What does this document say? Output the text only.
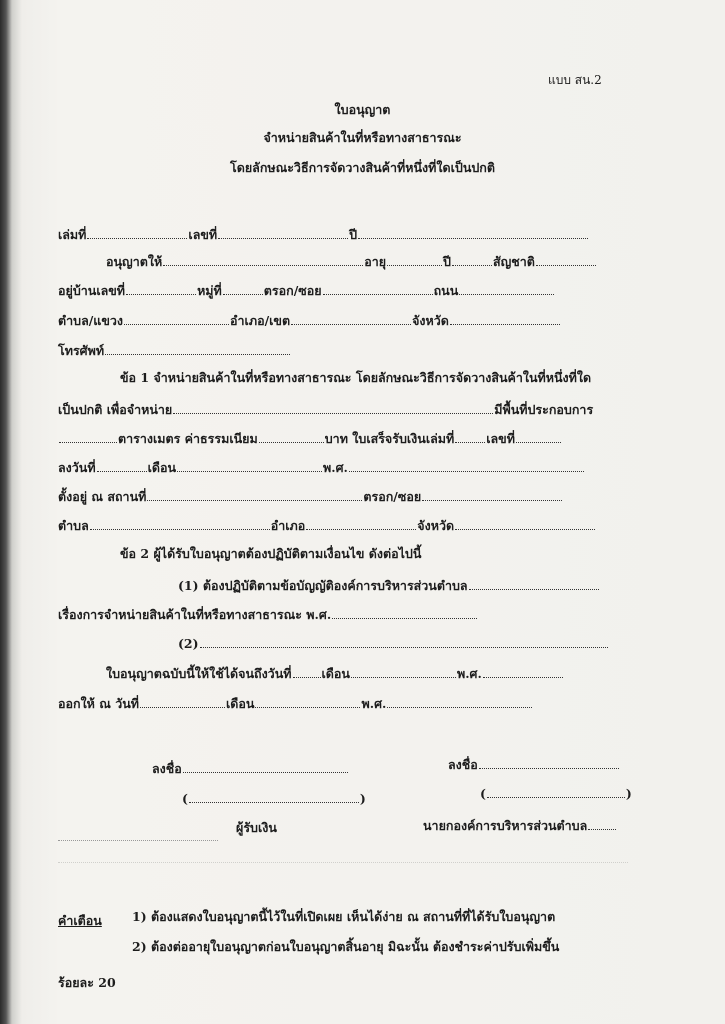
แบบ สน.2
ใบอนุญาต
จำหน่ายสินค้าในที่หรือทางสาธารณะ
โดยลักษณะวิธีการจัดวางสินค้าที่หนึ่งที่ใดเป็นปกติ
เล่มที่	เลขที่	ปี
อนุญาตให้	อายุ	ปี	สัญชาติ
อยู่บ้านเลขที่	หมู่ที่	ตรอก/ซอย	ถนน
ตำบล/แขวง	อำเภอ/เขต	จังหวัด
โทรศัพท์
ข้อ 1 จำหน่ายสินค้าในที่หรือทางสาธารณะ โดยลักษณะวิธีการจัดวางสินค้าในที่หนึ่งที่ใด
เป็นปกติ เพื่อจำหน่าย	มีพื้นที่ประกอบการ
ตารางเมตร ค่าธรรมเนียม	บาท ใบเสร็จรับเงินเล่มที่	เลขที่
ลงวันที่	เดือน	พ.ศ.
ตั้งอยู่ ณ สถานที่	ตรอก/ซอย
ตำบล	อำเภอ	จังหวัด
ข้อ 2 ผู้ได้รับใบอนุญาตต้องปฏิบัติตามเงื่อนไข ดังต่อไปนี้
(1) ต้องปฏิบัติตามข้อบัญญัติองค์การบริหารส่วนตำบล
เรื่องการจำหน่ายสินค้าในที่หรือทางสาธารณะ พ.ศ.
(2)
ใบอนุญาตฉบับนี้ให้ใช้ได้จนถึงวันที่ เดือน	พ.ศ.
ออกให้ ณ วันที่	เดือน	พ.ศ.
ลงชื่อ	ลงชื่อ
(	)	(	)
ผู้รับเงิน	นายกองค์การบริหารส่วนตำบล
คำเตือน 1) ต้องแสดงใบอนุญาตนี้ไว้ในที่เปิดเผย เห็นได้ง่าย ณ สถานที่ที่ได้รับใบอนุญาต
2) ต้องต่ออายุใบอนุญาตก่อนใบอนุญาตสิ้นอายุ มิฉะนั้น ต้องชำระค่าปรับเพิ่มขึ้น
ร้อยละ 20
